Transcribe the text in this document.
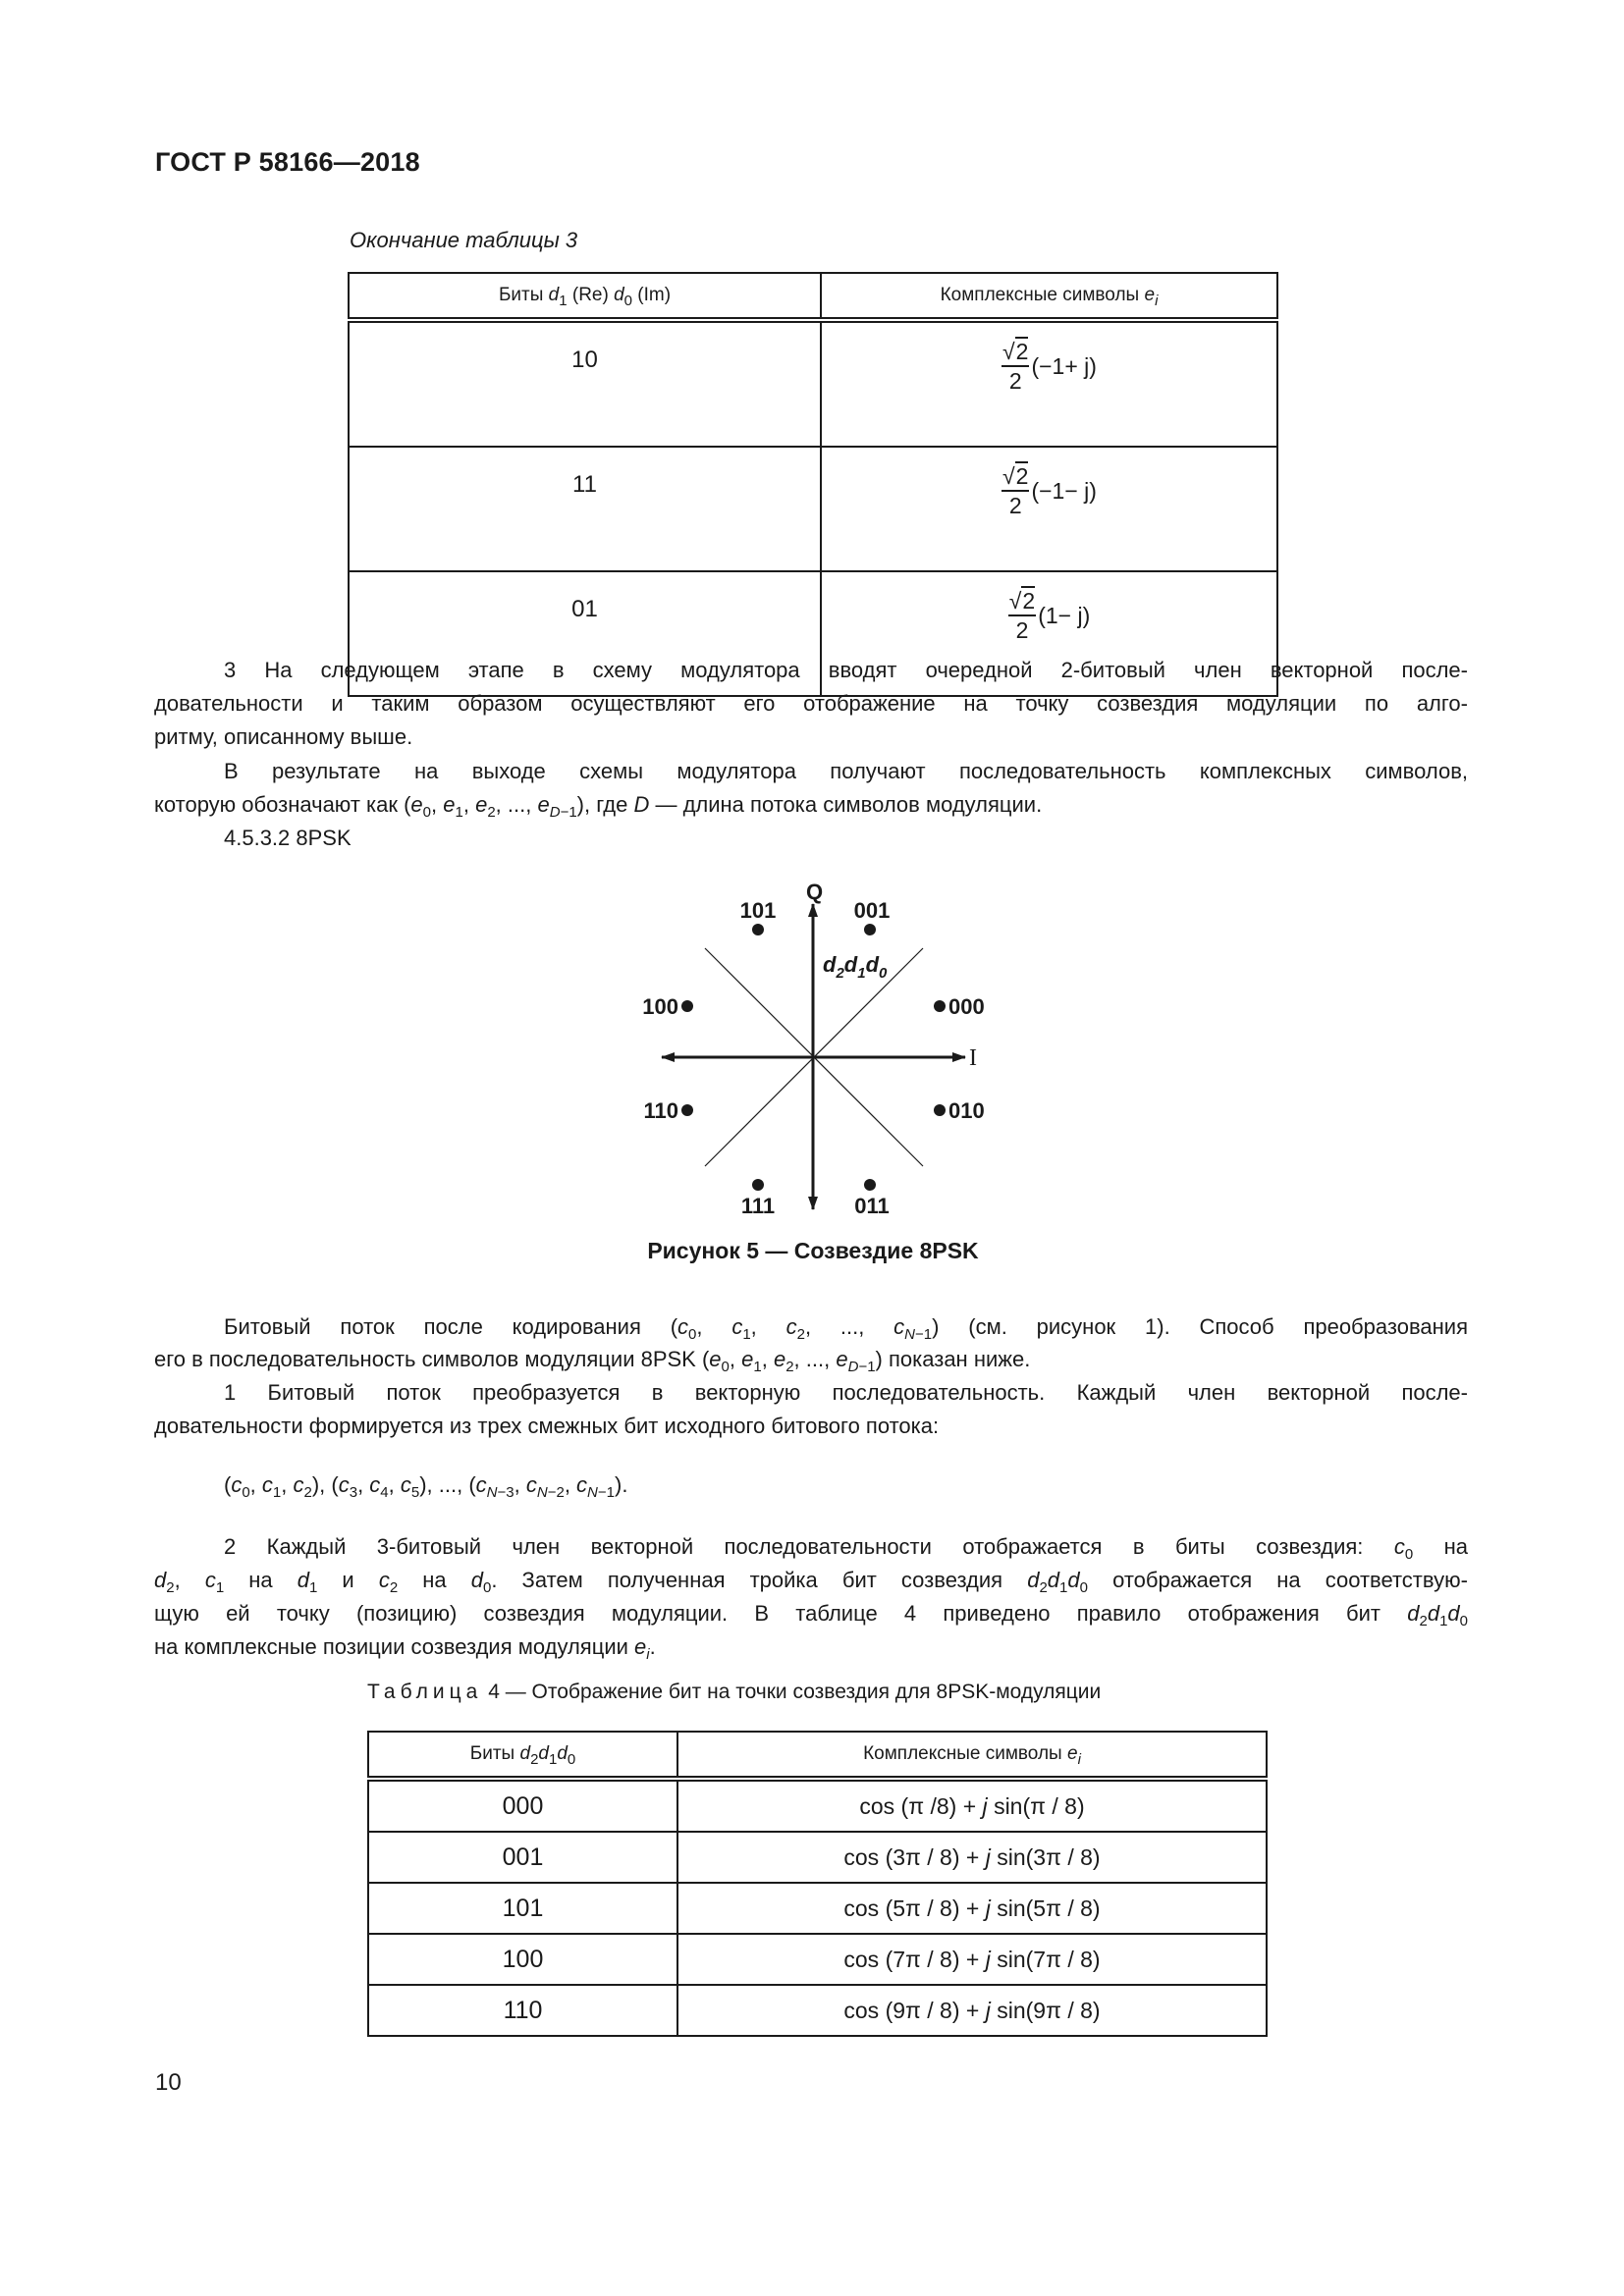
ГОСТ Р 58166—2018
Окончание таблицы 3
Биты $d_1$ (Re) $d_0$ (Im)	Комплексные символы $e_i$
10	$\frac{√2}{2} (-1+ j)$

11	$\frac{√2}{2} (-1- j)$

01	$\frac{√2}{2} (1- j)$
3 На следующем этапе в схему модулятора вводят очередной 2-битовый член векторной после-
довательности и таким образом осуществляют его отображение на точку созвездия модуляции по алго-
ритму, описанному выше.
В результате на выходе схемы модулятора получают последовательность комплексных символов,
которую обозначают как ($e_0$, $e_1$, $e_2$, ..., $e_{D-1}$), где D — длина потока символов модуляции.
4.5.3.2 8PSK
Q
I
101	001
100	000
110	010
111	011
$d_2d_1d_0$
Рисунок 5 — Созвездие 8PSK
Битовый поток после кодирования ($c_0$, $c_1$, $c_2$, ..., $c_{N-1}$) (см. рисунок 1). Способ преобразования
его в последовательность символов модуляции 8PSK ($e_0$, $e_1$, $e_2$, ..., $e_{D-1}$) показан ниже.
1 Битовый поток преобразуется в векторную последовательность. Каждый член векторной после-
довательности формируется из трех смежных бит исходного битового потока:
($c_0$, $c_1$, $c_2$), ($c_3$, $c_4$, $c_5$), ..., ($c_{N-3}$, $c_{N-2}$, $c_{N-1}$).
2 Каждый 3-битовый член векторной последовательности отображается в биты созвездия: $c_0$ на
$d_2$, $c_1$ на $d_1$ и $c_2$ на $d_0$. Затем полученная тройка бит созвездия $d_2d_1d_0$ отображается на соответствую-
щую ей точку (позицию) созвездия модуляции. В таблице 4 приведено правило отображения бит $d_2d_1d_0$
на комплексные позиции созвездия модуляции $e_i$.
Таблица 4 — Отображение бит на точки созвездия для 8PSK-модуляции
Биты $d_2d_1d_0$	Комплексные символы $e_i$
000	cos (π /8) + j sin(π / 8)
001	cos (3π / 8) + j sin(3π / 8)
101	cos (5π / 8) + j sin(5π / 8)
100	cos (7π / 8) + j sin(7π / 8)
110	cos (9π / 8) + j sin(9π / 8)
10
